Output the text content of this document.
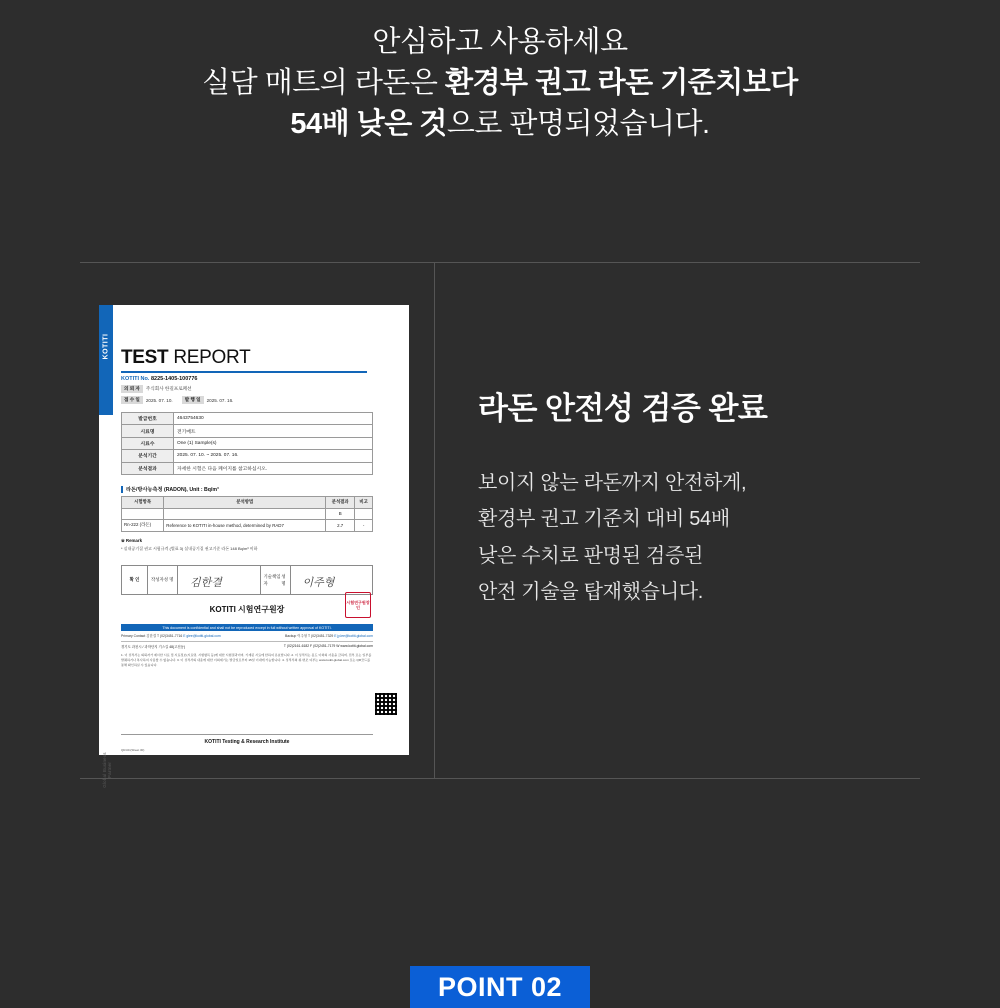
안심하고 사용하세요
실담 매트의 라돈은 환경부 권고 라돈 기준치보다
54배 낮은 것으로 판명되었습니다.
KOTITI
Global Business Partner
TEST REPORT
KOTITI No. 8225-1405-100776
의 뢰 자	주식회사 한길프로페션
접 수 일	2025. 07. 10.	발 행 일	2025. 07. 16.
발급번호	4643754630
시료명	전기매트
시료수	One (1) Sample(s)
분석기간	2025. 07. 10. ~ 2025. 07. 16.
분석결과	자세한 시험은 다음 페이지를 참고하십시오.
라돈/방사능측정 (RADON), Unit : Bq/m³
시험항목	분석방법	분석결과	비고
		B	
Rn-222 (라돈)	Reference to KOTITI in-house method, determined by RAD7	2.7	-
※ Remark
* 실내공기질 권고 시험규격 (별표 3) 실내공기질 권고기준 라돈 148 Bq/m³ 이하
확 인	작성자 성 명 김한결
기술책임자
성 명	이주형
KOTITI 시험연구원장
시험연구원장인
This document is confidential and shall not be reproduced except in full without written approval of KOTITI.
Primary Contact 김한결 T (02)3451-7716 E glee@kotiti-global.com	Backup 이주형 T (02)3451-7329 E jy.lee@kotiti-global.com
경기도 과천시 / 과학단지 기스길 48(고천동)	T (02)2161-6182 F (02)2451-7179 W www.kotiti-global.com
1. 이 성적서는 의뢰자가 제시한 시료 및 시료정보(시료명, 시험항목 등)에 대한 시험결과이며, 기재된 시료에 한하여 유효합니다. 2. 이 성적서는 용도 이외의 사용을 금하며, 전부 또는 일부를 발췌하거나 복사하여 사용할 수 없습니다. 3. 이 성적서의 내용에 대한 이의제기는 발급일로부터 15일 이내에 가능합니다. 4. 성적서의 위·변조 여부는 www.kotiti-global.com 또는 QR코드를 통해 확인하실 수 있습니다.
QR-Rn(Sheet 30)
KOTITI Testing & Research Institute
라돈 안전성 검증 완료
보이지 않는 라돈까지 안전하게,
환경부 권고 기준치 대비 54배
낮은 수치로 판명된 검증된
안전 기술을 탑재했습니다.
POINT 02
